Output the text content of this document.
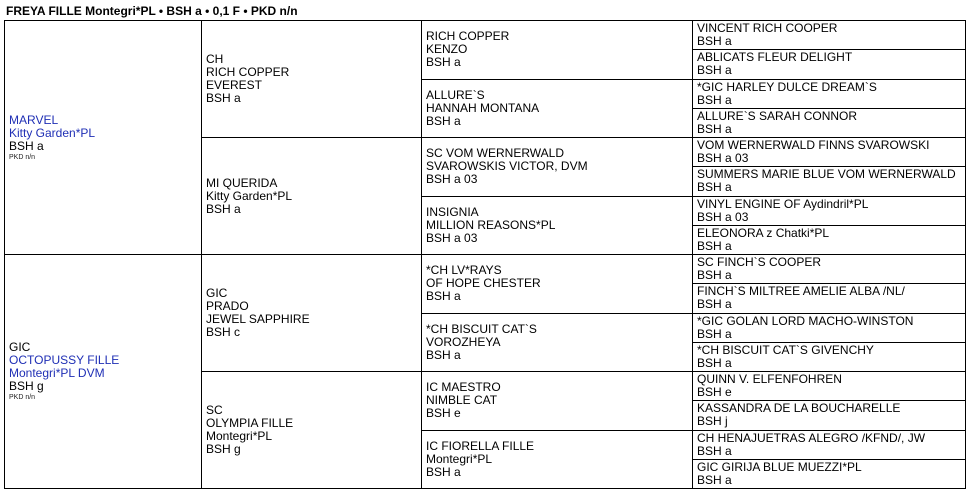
FREYA FILLE Montegri*PL • BSH a • 0,1 F • PKD n/n
MARVEL
Kitty Garden*PL
BSH a
PKD n/n	CH
RICH COPPER
EVEREST
BSH a	RICH COPPER
KENZO
BSH a	VINCENT RICH COOPER
BSH a

			ABLICATS FLEUR DELIGHT
BSH a

		ALLURE`S
HANNAH MONTANA
BSH a	*GIC HARLEY DULCE DREAM`S
BSH a

			ALLURE`S SARAH CONNOR
BSH a

	MI QUERIDA
Kitty Garden*PL
BSH a	SC VOM WERNERWALD
SVAROWSKIS VICTOR, DVM
BSH a 03	VOM WERNERWALD FINNS SVAROWSKI
BSH a 03

			SUMMERS MARIE BLUE VOM WERNERWALD
BSH a

		INSIGNIA
MILLION REASONS*PL
BSH a 03	VINYL ENGINE OF Aydindril*PL
BSH a 03

			ELEONORA z Chatki*PL
BSH a

GIC
OCTOPUSSY FILLE
Montegri*PL DVM
BSH g
PKD n/n	GIC
PRADO
JEWEL SAPPHIRE
BSH c	*CH LV*RAYS
OF HOPE CHESTER
BSH a	SC FINCH`S COOPER
BSH a

			FINCH`S MILTREE AMELIE ALBA /NL/
BSH a

		*CH BISCUIT CAT`S
VOROZHEYA
BSH a	*GIC GOLAN LORD MACHO-WINSTON
BSH a

			*CH BISCUIT CAT`S GIVENCHY
BSH a

	SC
OLYMPIA FILLE
Montegri*PL
BSH g	IC MAESTRO
NIMBLE CAT
BSH e	QUINN V. ELFENFOHREN
BSH e

			KASSANDRA DE LA BOUCHARELLE
BSH j

		IC FIORELLA FILLE
Montegri*PL
BSH a	CH HENAJUETRAS ALEGRO /KFND/, JW
BSH a

			GIC GIRIJA BLUE MUEZZI*PL
BSH a
